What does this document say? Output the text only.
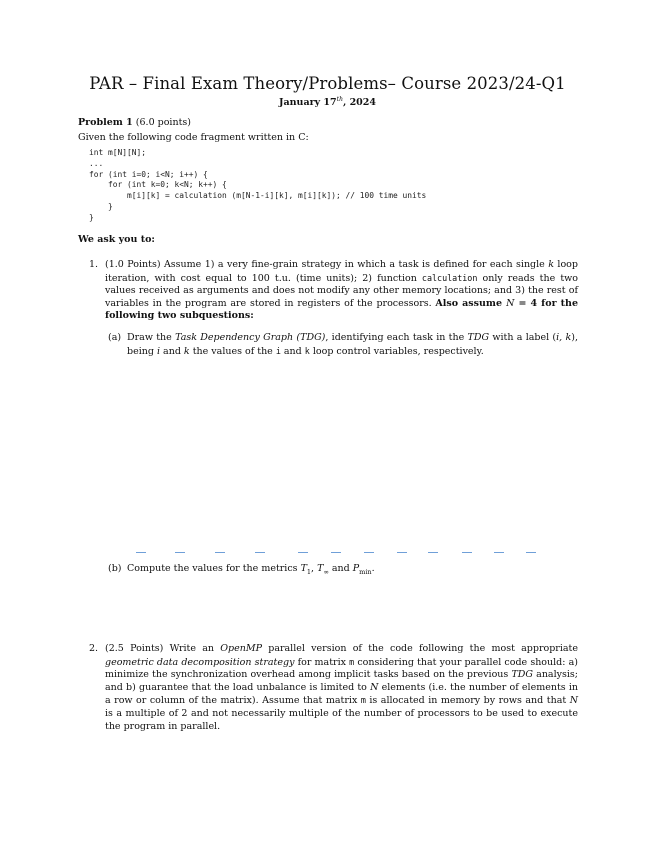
PAR – Final Exam Theory/Problems– Course 2023/24-Q1
January 17th, 2024
Problem 1 (6.0 points)
Given the following code fragment written in C:
int m[N][N];
...
for (int i=0; i<N; i++) {
for (int k=0; k<N; k++) {
m[i][k] = calculation (m[N-1-i][k], m[i][k]); // 100 time units
}
}
We ask you to:
1. (1.0 Points) Assume 1) a very fine-grain strategy in which a task is defined for each single k loop iteration, with cost equal to 100 t.u. (time units); 2) function calculation only reads the two values received as arguments and does not modify any other memory locations; and 3) the rest of variables in the program are stored in registers of the processors. Also assume N = 4 for the following two subquestions:
(a) Draw the Task Dependency Graph (TDG), identifying each task in the TDG with a label (i, k), being i and k the values of the i and k loop control variables, respectively.
(b) Compute the values for the metrics $T_1$, $T_\infty$ and $P_{min}$.
2. (2.5 Points) Write an OpenMP parallel version of the code following the most appropriate geometric data decomposition strategy for matrix m considering that your parallel code should: a) minimize the synchronization overhead among implicit tasks based on the previous TDG analysis; and b) guarantee that the load unbalance is limited to N elements (i.e. the number of elements in a row or column of the matrix). Assume that matrix m is allocated in memory by rows and that N is a multiple of 2 and not necessarily multiple of the number of processors to be used to execute the program in parallel.
